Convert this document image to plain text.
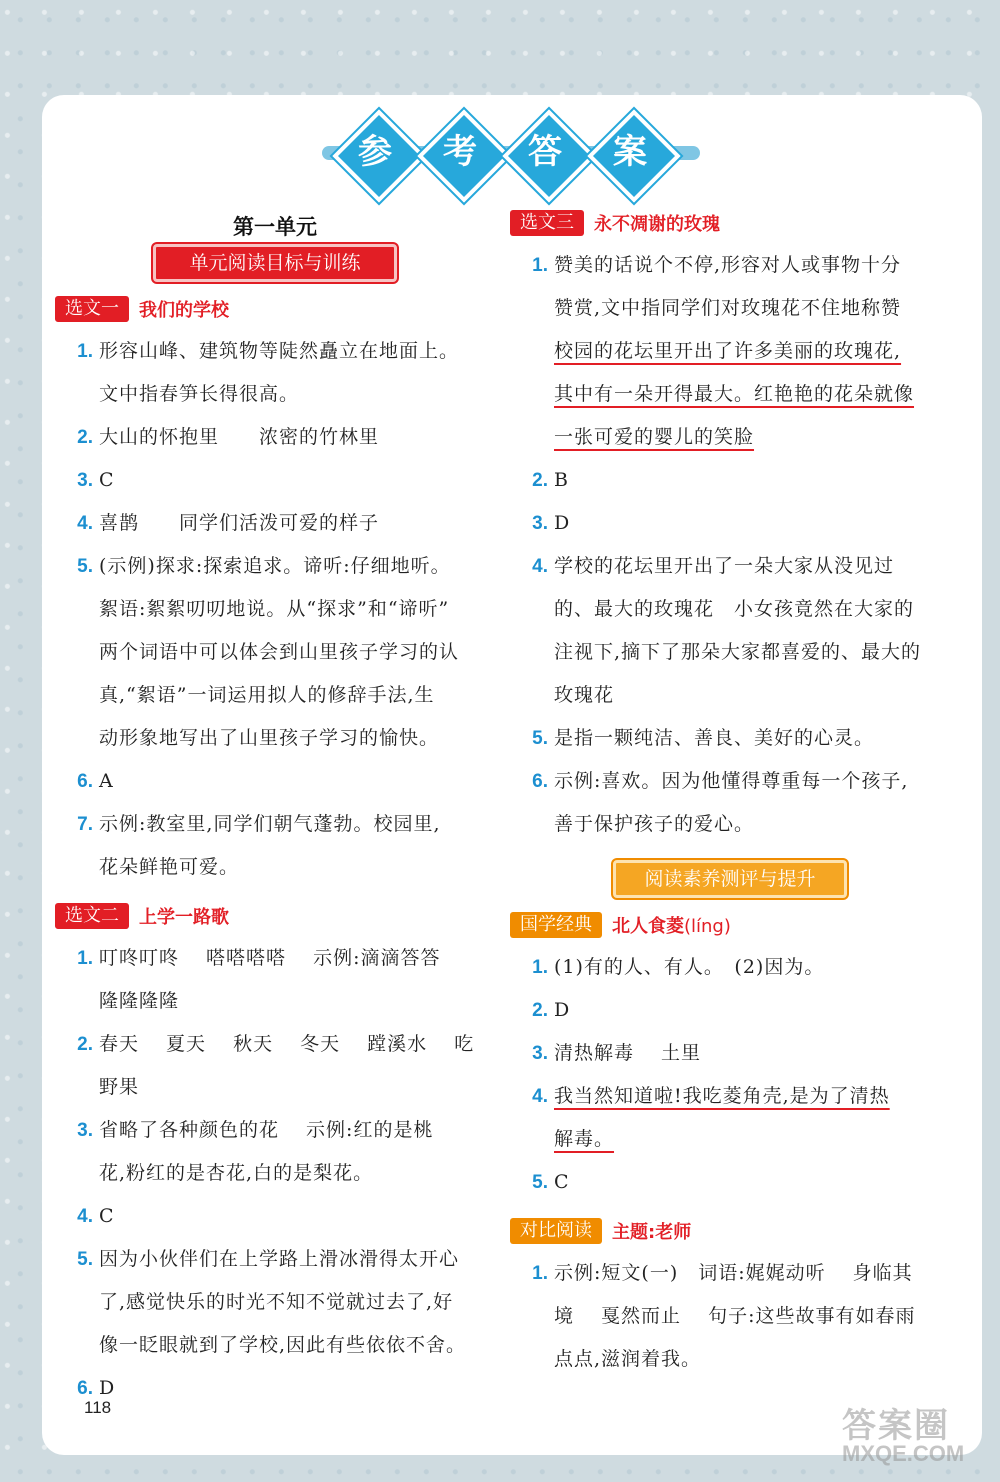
参	考	答	案
第一单元
单元阅读目标与训练
选文一	我们的学校
1. 形容山峰、建筑物等陡然矗立在地面上。
文中指春笋长得很高。
2. 大山的怀抱里　　浓密的竹林里
3. C
4. 喜鹊　　同学们活泼可爱的样子
5. (示例)探求:探索追求。谛听:仔细地听。
絮语:絮絮叨叨地说。从“探求”和“谛听”
两个词语中可以体会到山里孩子学习的认
真,“絮语”一词运用拟人的修辞手法,生
动形象地写出了山里孩子学习的愉快。
6. A
7. 示例:教室里,同学们朝气蓬勃。校园里,
花朵鲜艳可爱。
选文二	上学一路歌
1. 叮咚叮咚　 嗒嗒嗒嗒　 示例:滴滴答答
隆隆隆隆
2. 春天　 夏天　 秋天　 冬天　 蹚溪水　 吃
野果
3. 省略了各种颜色的花　 示例:红的是桃
花,粉红的是杏花,白的是梨花。
4. C
5. 因为小伙伴们在上学路上滑冰滑得太开心
了,感觉快乐的时光不知不觉就过去了,好
像一眨眼就到了学校,因此有些依依不舍。
6. D
选文三	永不凋谢的玫瑰
1. 赞美的话说个不停,形容对人或事物十分
赞赏,文中指同学们对玫瑰花不住地称赞
校园的花坛里开出了许多美丽的玫瑰花,
其中有一朵开得最大。红艳艳的花朵就像
一张可爱的婴儿的笑脸
2. B
3. D
4. 学校的花坛里开出了一朵大家从没见过
的、最大的玫瑰花　小女孩竟然在大家的
注视下,摘下了那朵大家都喜爱的、最大的
玫瑰花
5. 是指一颗纯洁、善良、美好的心灵。
6. 示例:喜欢。因为他懂得尊重每一个孩子,
善于保护孩子的爱心。
阅读素养测评与提升
国学经典	北人食菱(líng)
1. (1)有的人、有人。　(2)因为。
2. D
3. 清热解毒　 土里
4. 我当然知道啦!我吃菱角壳,是为了清热
解毒。
5. C
对比阅读	主题:老师
1. 示例:短文(一)　词语:娓娓动听　 身临其
境　 戛然而止　 句子:这些故事有如春雨
点点,滋润着我。
118	答案圈
MXQE.COM
